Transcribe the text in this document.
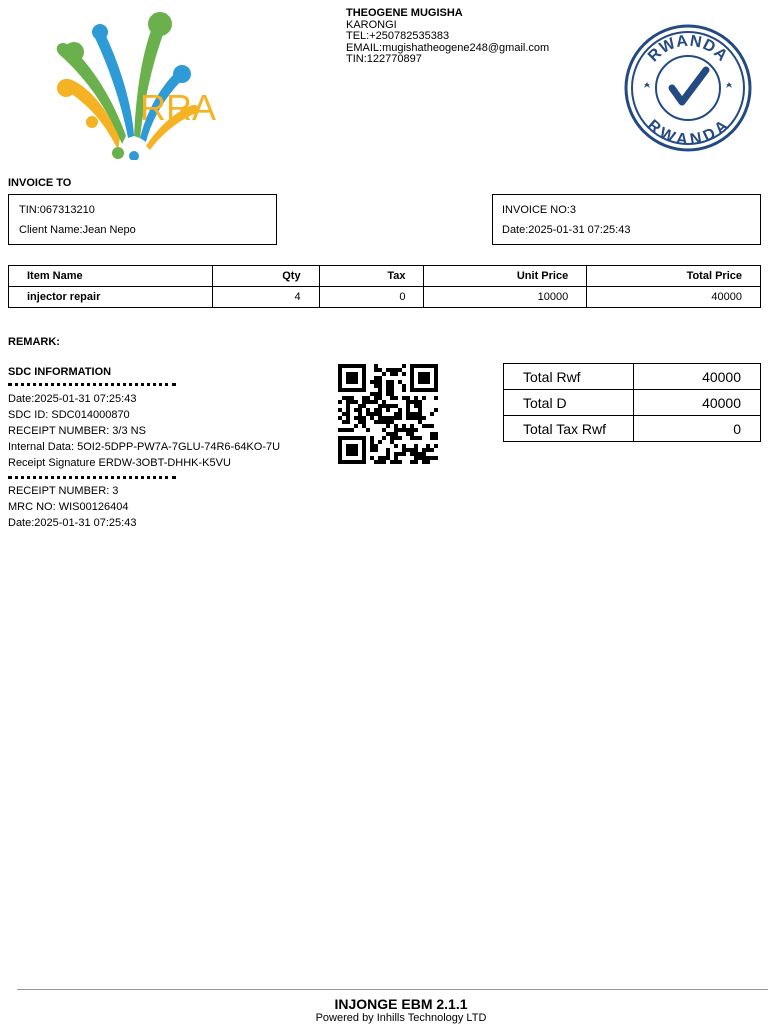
RRA
THEOGENE MUGISHA
KARONGI
TEL:+250782535383
EMAIL:mugishatheogene248@gmail.com
TIN:122770897	RWANDA
RWANDA
INVOICE TO
TIN:067313210
Client Name:Jean Nepo
INVOICE NO:3
Date:2025-01-31 07:25:43
Item Name	Qty	Tax	Unit Price	Total Price
injector repair	4	0	10000	40000
REMARK:
SDC INFORMATION
Date:2025-01-31 07:25:43
SDC ID: SDC014000870
RECEIPT NUMBER: 3/3 NS
Internal Data: 5OI2-5DPP-PW7A-7GLU-74R6-64KO-7U
Receipt Signature ERDW-3OBT-DHHK-K5VU
RECEIPT NUMBER: 3
MRC NO: WIS00126404
Date:2025-01-31 07:25:43
Total Rwf	40000
Total D	40000
Total Tax Rwf	0
INJONGE EBM 2.1.1
Powered by Inhills Technology LTD
